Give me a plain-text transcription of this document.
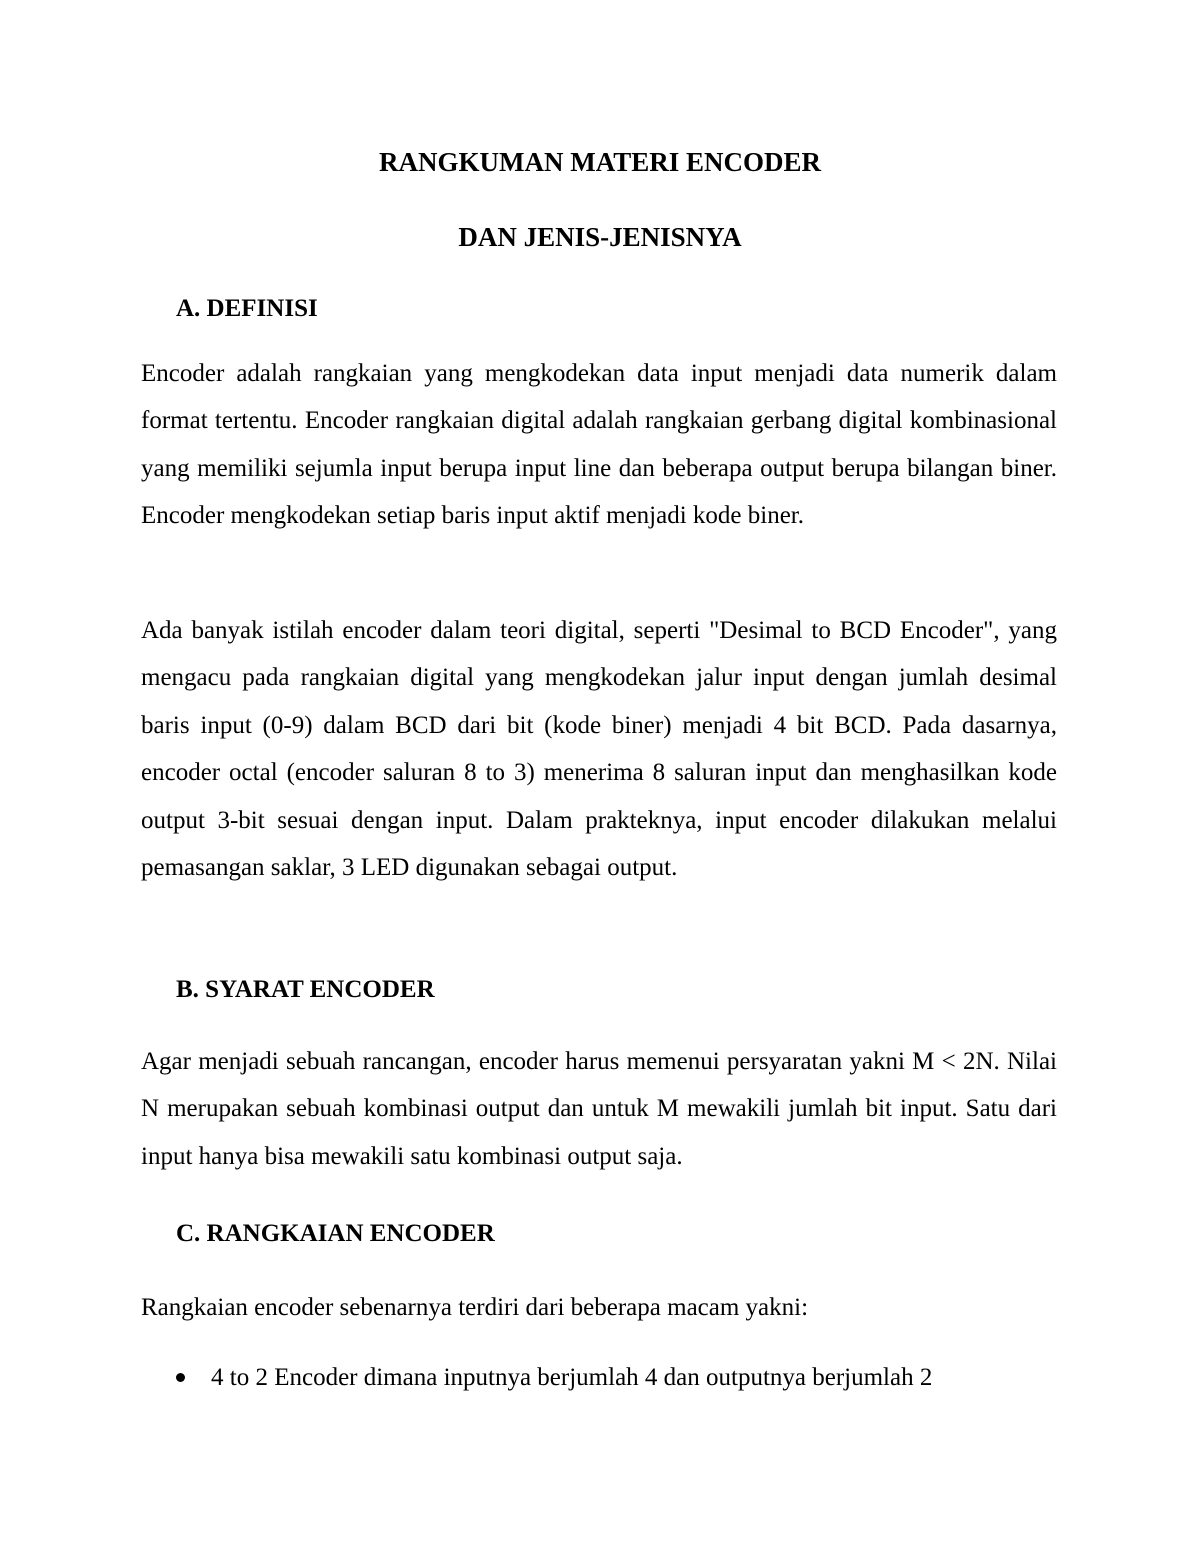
RANGKUMAN MATERI ENCODER
DAN JENIS-JENISNYA
A. DEFINISI

Encoder adalah rangkaian yang mengkodekan data input menjadi data numerik dalam format tertentu. Encoder rangkaian digital adalah rangkaian gerbang digital kombinasional yang memiliki sejumla input berupa input line dan beberapa output berupa bilangan biner. Encoder mengkodekan setiap baris input aktif menjadi kode biner.

Ada banyak istilah encoder dalam teori digital, seperti "Desimal to BCD Encoder", yang mengacu pada rangkaian digital yang mengkodekan jalur input dengan jumlah desimal baris input (0-9) dalam BCD dari bit (kode biner) menjadi 4 bit BCD. Pada dasarnya, encoder octal (encoder saluran 8 to 3) menerima 8 saluran input dan menghasilkan kode output 3-bit sesuai dengan input. Dalam prakteknya, input encoder dilakukan melalui pemasangan saklar, 3 LED digunakan sebagai output.

B. SYARAT ENCODER

Agar menjadi sebuah rancangan, encoder harus memenui persyaratan yakni M < 2N. Nilai N merupakan sebuah kombinasi output dan untuk M mewakili jumlah bit input. Satu dari input hanya bisa mewakili satu kombinasi output saja.

C. RANGKAIAN ENCODER

Rangkaian encoder sebenarnya terdiri dari beberapa macam yakni:

4 to 2 Encoder dimana inputnya berjumlah 4 dan outputnya berjumlah 2
